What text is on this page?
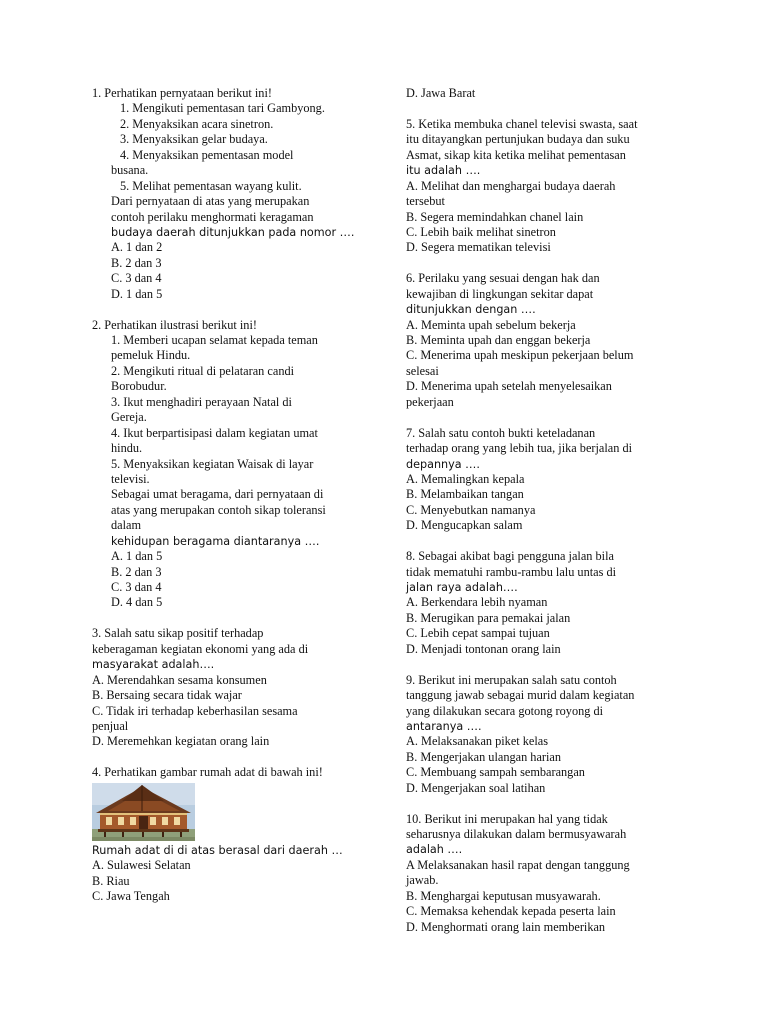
1. Perhatikan pernyataan berikut ini!
1. Mengikuti pementasan tari Gambyong.
2. Menyaksikan acara sinetron.
3. Menyaksikan gelar budaya.
4. Menyaksikan pementasan model
busana.
5. Melihat pementasan wayang kulit.
Dari pernyataan di atas yang merupakan
contoh perilaku menghormati keragaman
budaya daerah ditunjukkan pada nomor ….
A. 1 dan 2
B. 2 dan 3
C. 3 dan 4
D. 1 dan 5
2. Perhatikan ilustrasi berikut ini!
1. Memberi ucapan selamat kepada teman
pemeluk Hindu.
2. Mengikuti ritual di pelataran candi
Borobudur.
3. Ikut menghadiri perayaan Natal di
Gereja.
4. Ikut berpartisipasi dalam kegiatan umat
hindu.
5. Menyaksikan kegiatan Waisak di layar
televisi.
Sebagai umat beragama, dari pernyataan di
atas yang merupakan contoh sikap toleransi
dalam
kehidupan beragama diantaranya ….
A. 1 dan 5
B. 2 dan 3
C. 3 dan 4
D. 4 dan 5
3. Salah satu sikap positif terhadap
keberagaman kegiatan ekonomi yang ada di
masyarakat adalah….
A. Merendahkan sesama konsumen
B. Bersaing secara tidak wajar
C. Tidak iri terhadap keberhasilan sesama
penjual
D. Meremehkan kegiatan orang lain
4. Perhatikan gambar rumah adat di bawah ini!
Rumah adat di di atas berasal dari daerah …
A. Sulawesi Selatan
B. Riau
C. Jawa Tengah
D. Jawa Barat
5. Ketika membuka chanel televisi swasta, saat
itu ditayangkan pertunjukan budaya dan suku
Asmat, sikap kita ketika melihat pementasan
itu adalah ….
A. Melihat dan menghargai budaya daerah
tersebut
B. Segera memindahkan chanel lain
C. Lebih baik melihat sinetron
D. Segera mematikan televisi
6. Perilaku yang sesuai dengan hak dan
kewajiban di lingkungan sekitar dapat
ditunjukkan dengan ….
A. Meminta upah sebelum bekerja
B. Meminta upah dan enggan bekerja
C. Menerima upah meskipun pekerjaan belum
selesai
D. Menerima upah setelah menyelesaikan
pekerjaan
7. Salah satu contoh bukti keteladanan
terhadap orang yang lebih tua, jika berjalan di
depannya ….
A. Memalingkan kepala
B. Melambaikan tangan
C. Menyebutkan namanya
D. Mengucapkan salam
8. Sebagai akibat bagi pengguna jalan bila
tidak mematuhi rambu-rambu lalu untas di
jalan raya adalah….
A. Berkendara lebih nyaman
B. Merugikan para pemakai jalan
C. Lebih cepat sampai tujuan
D. Menjadi tontonan orang lain
9. Berikut ini merupakan salah satu contoh
tanggung jawab sebagai murid dalam kegiatan
yang dilakukan secara gotong royong di
antaranya ….
A. Melaksanakan piket kelas
B. Mengerjakan ulangan harian
C. Membuang sampah sembarangan
D. Mengerjakan soal latihan
10. Berikut ini merupakan hal yang tidak
seharusnya dilakukan dalam bermusyawarah
adalah ….
A Melaksanakan hasil rapat dengan tanggung
jawab.
B. Menghargai keputusan musyawarah.
C. Memaksa kehendak kepada peserta lain
D. Menghormati orang lain memberikan
